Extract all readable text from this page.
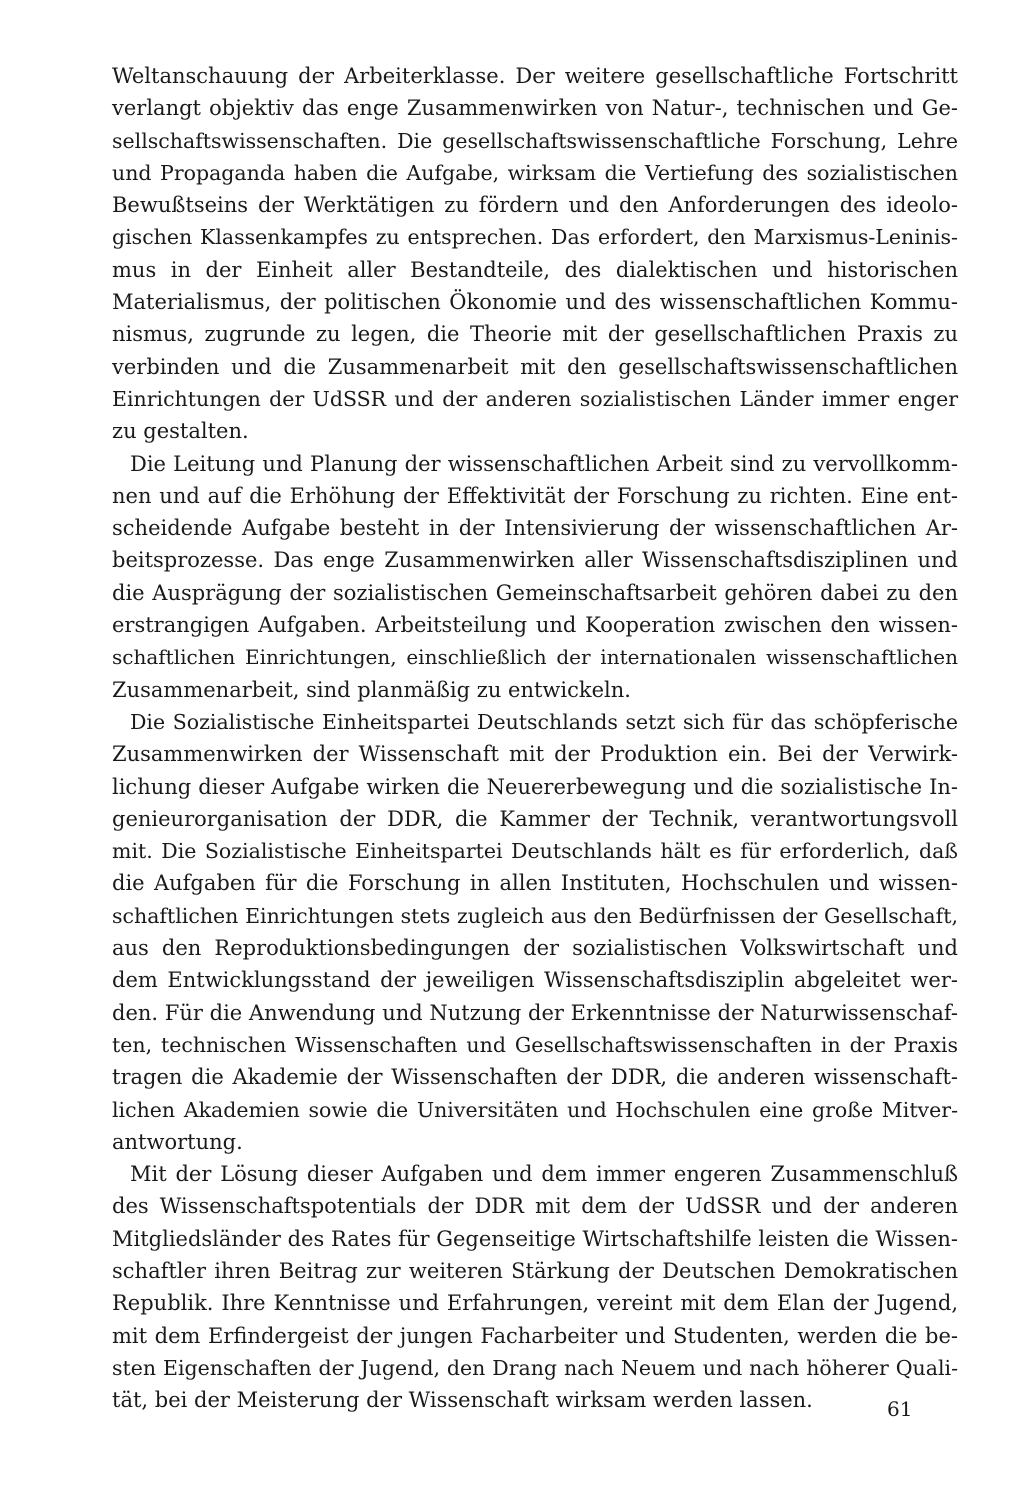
Weltanschauung der Arbeiterklasse. Der weitere gesellschaftliche Fortschritt
verlangt objektiv das enge Zusammenwirken von Natur-, technischen und Ge-
sellschaftswissenschaften. Die gesellschaftswissenschaftliche Forschung, Lehre
und Propaganda haben die Aufgabe, wirksam die Vertiefung des sozialistischen
Bewußtseins der Werktätigen zu fördern und den Anforderungen des ideolo-
gischen Klassenkampfes zu entsprechen. Das erfordert, den Marxismus-Leninis-
mus in der Einheit aller Bestandteile, des dialektischen und historischen
Materialismus, der politischen Ökonomie und des wissenschaftlichen Kommu-
nismus, zugrunde zu legen, die Theorie mit der gesellschaftlichen Praxis zu
verbinden und die Zusammenarbeit mit den gesellschaftswissenschaftlichen
Einrichtungen der UdSSR und der anderen sozialistischen Länder immer enger
zu gestalten.
Die Leitung und Planung der wissenschaftlichen Arbeit sind zu vervollkomm-
nen und auf die Erhöhung der Effektivität der Forschung zu richten. Eine ent-
scheidende Aufgabe besteht in der Intensivierung der wissenschaftlichen Ar-
beitsprozesse. Das enge Zusammenwirken aller Wissenschaftsdisziplinen und
die Ausprägung der sozialistischen Gemeinschaftsarbeit gehören dabei zu den
erstrangigen Aufgaben. Arbeitsteilung und Kooperation zwischen den wissen-
schaftlichen Einrichtungen, einschließlich der internationalen wissenschaftlichen
Zusammenarbeit, sind planmäßig zu entwickeln.
Die Sozialistische Einheitspartei Deutschlands setzt sich für das schöpferische
Zusammenwirken der Wissenschaft mit der Produktion ein. Bei der Verwirk-
lichung dieser Aufgabe wirken die Neuererbewegung und die sozialistische In-
genieurorganisation der DDR, die Kammer der Technik, verantwortungsvoll
mit. Die Sozialistische Einheitspartei Deutschlands hält es für erforderlich, daß
die Aufgaben für die Forschung in allen Instituten, Hochschulen und wissen-
schaftlichen Einrichtungen stets zugleich aus den Bedürfnissen der Gesellschaft,
aus den Reproduktionsbedingungen der sozialistischen Volkswirtschaft und
dem Entwicklungsstand der jeweiligen Wissenschaftsdisziplin abgeleitet wer-
den. Für die Anwendung und Nutzung der Erkenntnisse der Naturwissenschaf-
ten, technischen Wissenschaften und Gesellschaftswissenschaften in der Praxis
tragen die Akademie der Wissenschaften der DDR, die anderen wissenschaft-
lichen Akademien sowie die Universitäten und Hochschulen eine große Mitver-
antwortung.
Mit der Lösung dieser Aufgaben und dem immer engeren Zusammenschluß
des Wissenschaftspotentials der DDR mit dem der UdSSR und der anderen
Mitgliedsländer des Rates für Gegenseitige Wirtschaftshilfe leisten die Wissen-
schaftler ihren Beitrag zur weiteren Stärkung der Deutschen Demokratischen
Republik. Ihre Kenntnisse und Erfahrungen, vereint mit dem Elan der Jugend,
mit dem Erfindergeist der jungen Facharbeiter und Studenten, werden die be-
sten Eigenschaften der Jugend, den Drang nach Neuem und nach höherer Quali-
tät, bei der Meisterung der Wissenschaft wirksam werden lassen.	61
